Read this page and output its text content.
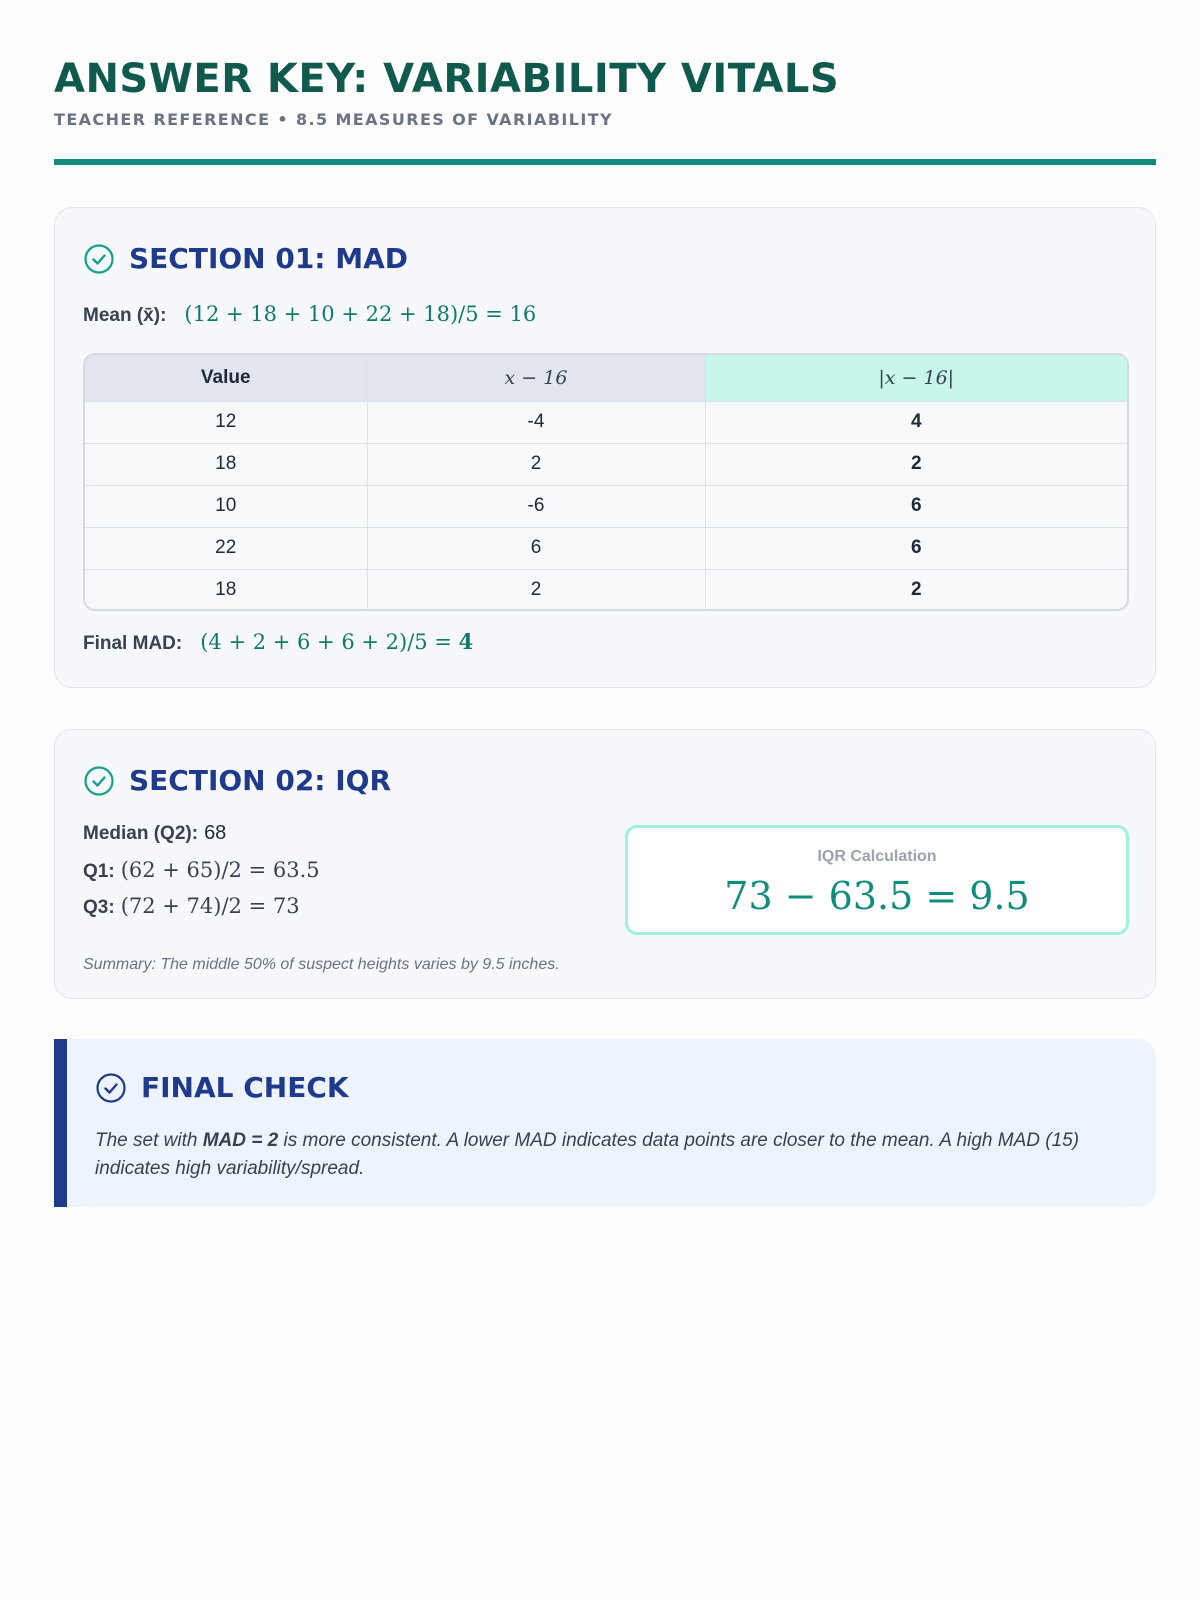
ANSWER KEY: VARIABILITY VITALS
TEACHER REFERENCE • 8.5 MEASURES OF VARIABILITY
SECTION 01: MAD
Mean (x̄): (12 + 18 + 10 + 22 + 18)/5 = 16
Value	x − 16	|x − 16|
12	-4	4
18	2	2
10	-6	6
22	6	6
18	2	2
Final MAD: (4 + 2 + 6 + 6 + 2)/5 = 4
SECTION 02: IQR
Median (Q2): 68
Q1: (62 + 65)/2 = 63.5
Q3: (72 + 74)/2 = 73
IQR Calculation
73 − 63.5 = 9.5
Summary: The middle 50% of suspect heights varies by 9.5 inches.
FINAL CHECK

The set with MAD = 2 is more consistent. A lower MAD indicates data points are closer to the mean. A high MAD (15) indicates high variability/spread.
